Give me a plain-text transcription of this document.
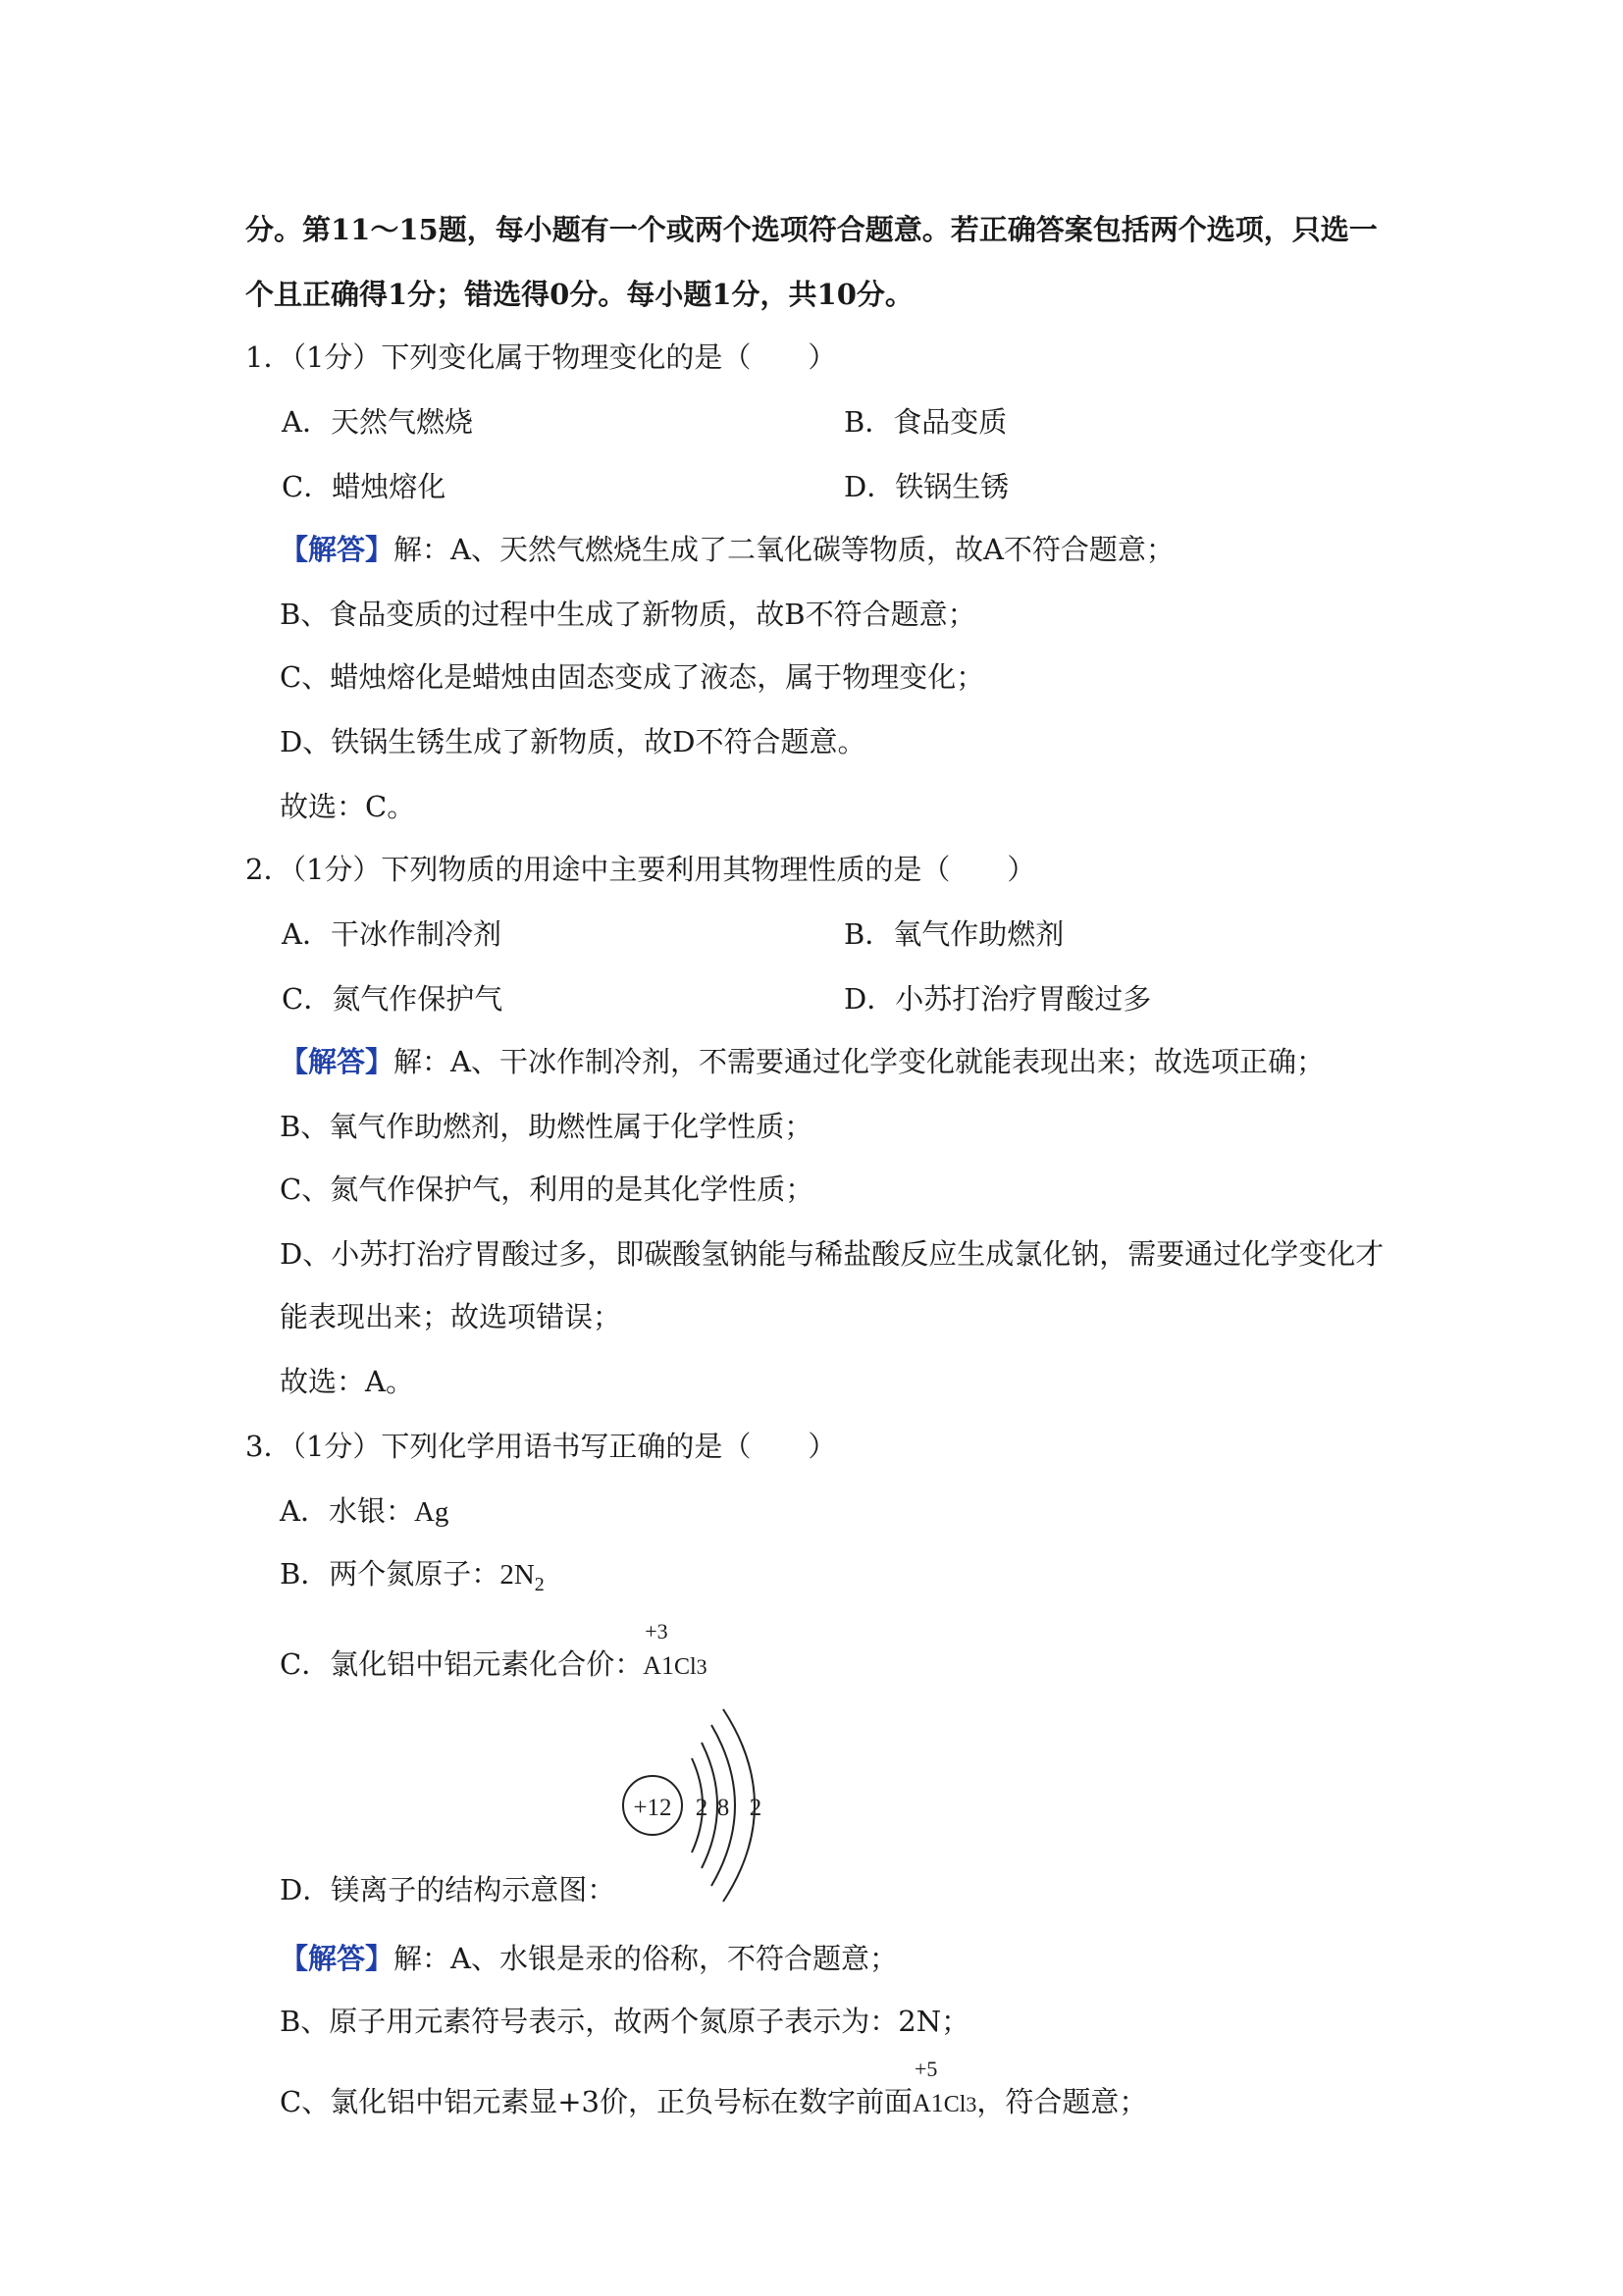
分。第11～15题，每小题有一个或两个选项符合题意。若正确答案包括两个选项，只选一
个且正确得1分；错选得0分。每小题1分，共10分。
1．（1分）下列变化属于物理变化的是（　　）
A．天然气燃烧	B．食品变质
C．蜡烛熔化	D．铁锅生锈
【解答】解：A、天然气燃烧生成了二氧化碳等物质，故A不符合题意；
B、食品变质的过程中生成了新物质，故B不符合题意；
C、蜡烛熔化是蜡烛由固态变成了液态，属于物理变化；
D、铁锅生锈生成了新物质，故D不符合题意。
故选：C。
2．（1分）下列物质的用途中主要利用其物理性质的是（　　）
A．干冰作制冷剂	B．氧气作助燃剂
C．氮气作保护气	D．小苏打治疗胃酸过多
【解答】解：A、干冰作制冷剂，不需要通过化学变化就能表现出来；故选项正确；
B、氧气作助燃剂，助燃性属于化学性质；
C、氮气作保护气，利用的是其化学性质；
D、小苏打治疗胃酸过多，即碳酸氢钠能与稀盐酸反应生成氯化钠，需要通过化学变化才
能表现出来；故选项错误；
故选：A。
3．（1分）下列化学用语书写正确的是（　　）
A．水银：Ag
B．两个氮原子：$2N_2$
C．氯化铝中铝元素化合价：
+3
A1Cl3
+12 2 8 2
D．镁离子的结构示意图：
【解答】解：A、水银是汞的俗称，不符合题意；
B、原子用元素符号表示，故两个氮原子表示为：2N；
C、氯化铝中铝元素显+3价，正负号标在数字前面
+5
A1Cl3，符合题意；
